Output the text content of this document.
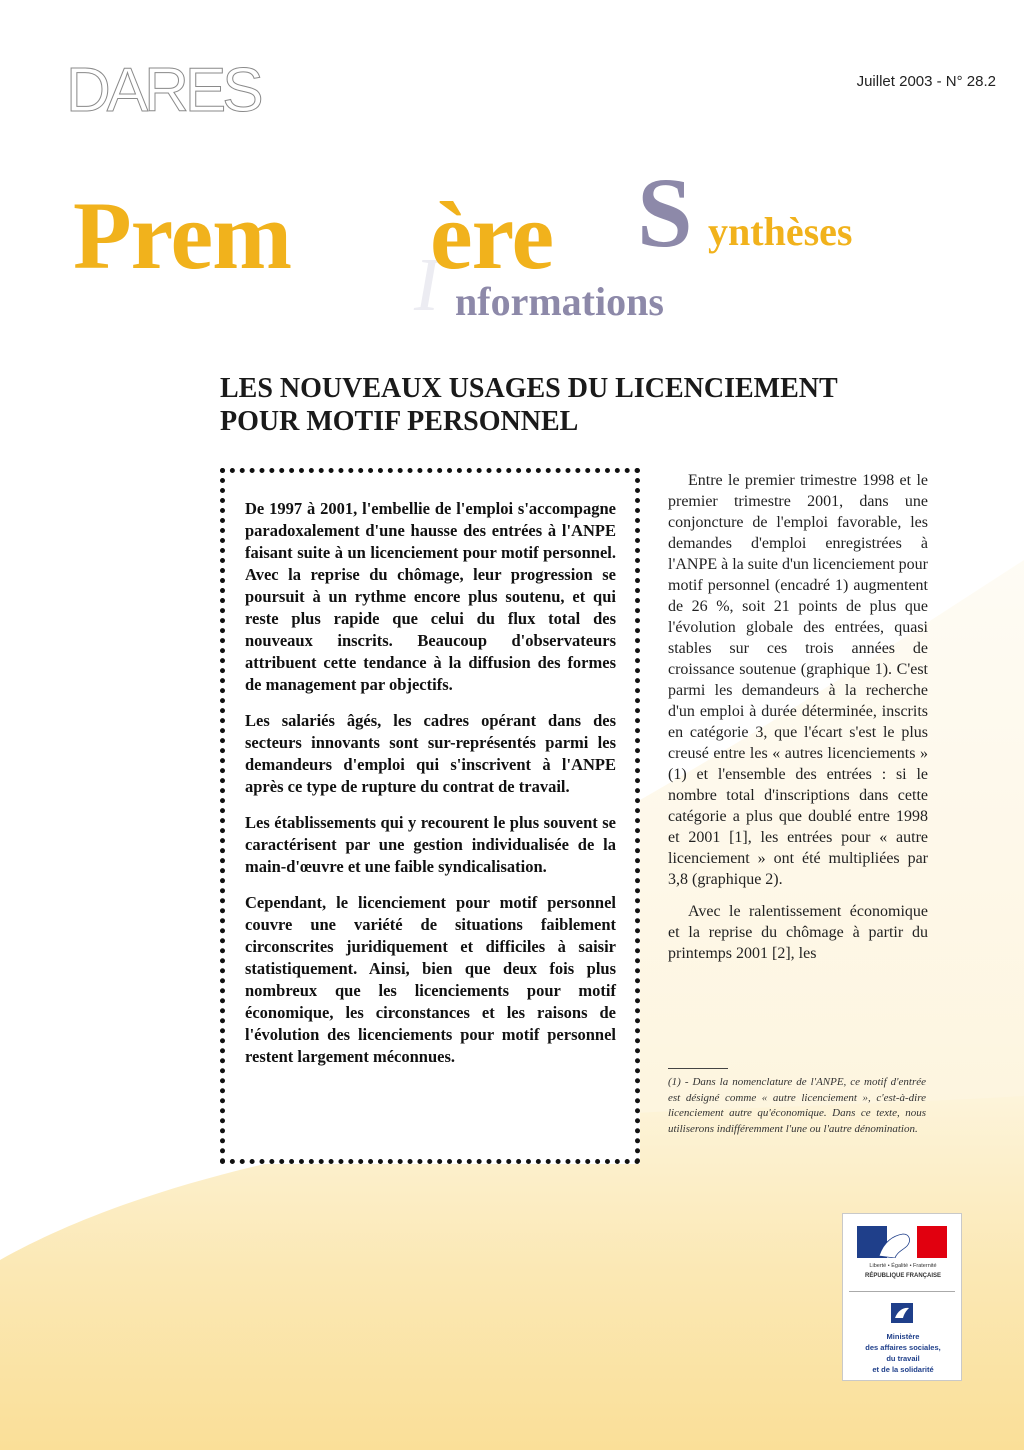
DARES	Juillet 2003 - N° 28.2
Prem ère S ynthèses
I nformations
LES NOUVEAUX USAGES DU LICENCIEMENT
POUR MOTIF PERSONNEL

De 1997 à 2001, l'embellie de l'emploi s'accompagne paradoxalement d'une hausse des entrées à l'ANPE faisant suite à un licenciement pour motif personnel. Avec la reprise du chômage, leur progression se poursuit à un rythme encore plus soutenu, et qui reste plus rapide que celui du flux total des nouveaux inscrits. Beaucoup d'observateurs attribuent cette tendance à la diffusion des formes de management par objectifs.

Les salariés âgés, les cadres opérant dans des secteurs innovants sont sur-représentés parmi les demandeurs d'emploi qui s'inscrivent à l'ANPE après ce type de rupture du contrat de travail.

Les établissements qui y recourent le plus souvent se caractérisent par une gestion individualisée de la main-d'œuvre et une faible syndicalisation.

Cependant, le licenciement pour motif personnel couvre une variété de situations faiblement circonscrites juridiquement et difficiles à saisir statistiquement. Ainsi, bien que deux fois plus nombreux que les licenciements pour motif économique, les circonstances et les raisons de l'évolution des licenciements pour motif personnel restent largement méconnues.

Entre le premier trimestre 1998 et le premier trimestre 2001, dans une conjoncture de l'emploi favorable, les demandes d'emploi enregistrées à l'ANPE à la suite d'un licenciement pour motif personnel (encadré 1) augmentent de 26 %, soit 21 points de plus que l'évolution globale des entrées, quasi stables sur ces trois années de croissance soutenue (graphique 1). C'est parmi les demandeurs à la recherche d'un emploi à durée déterminée, inscrits en catégorie 3, que l'écart s'est le plus creusé entre les « autres licenciements » (1) et l'ensemble des entrées : si le nombre total d'inscriptions dans cette catégorie a plus que doublé entre 1998 et 2001 [1], les entrées pour « autre licenciement » ont été multipliées par 3,8 (graphique 2).

Avec le ralentissement économique et la reprise du chômage à partir du printemps 2001 [2], les

(1) - Dans la nomenclature de l'ANPE, ce motif d'entrée est désigné comme « autre licenciement », c'est-à-dire licenciement autre qu'économique. Dans ce texte, nous utiliserons indifféremment l'une ou l'autre dénomination.

Liberté • Égalité • Fraternité
RÉPUBLIQUE FRANÇAISE

Ministère
des affaires sociales,
du travail
et de la solidarité
